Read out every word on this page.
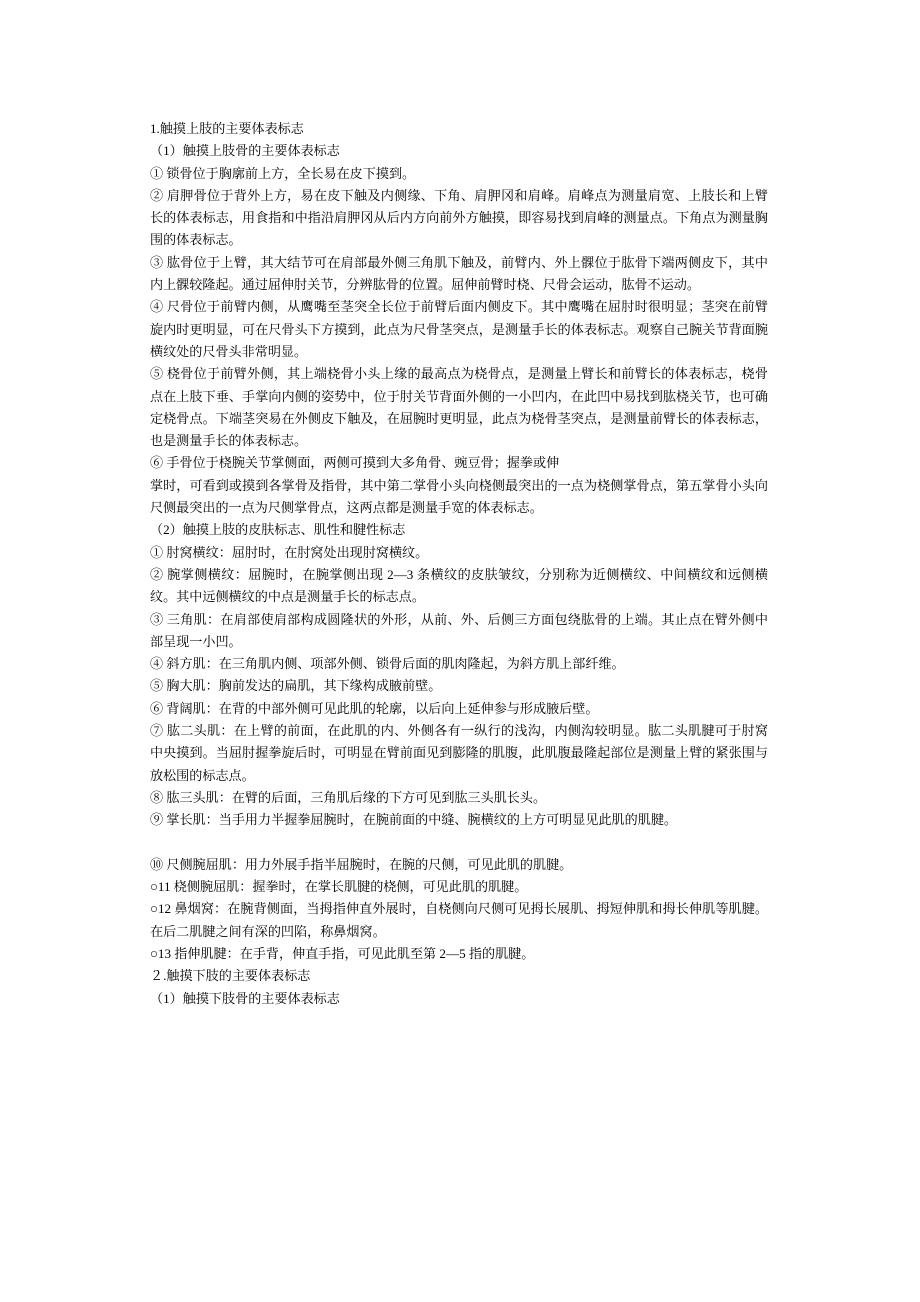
1.触摸上肢的主要体表标志

（1）触摸上肢骨的主要体表标志

① 锁骨位于胸廓前上方，全长易在皮下摸到。

② 肩胛骨位于背外上方，易在皮下触及内侧缘、下角、肩胛冈和肩峰。肩峰点为测量肩宽、上肢长和上臂长的体表标志，用食指和中指沿肩胛冈从后内方向前外方触摸，即容易找到肩峰的测量点。下角点为测量胸围的体表标志。

③ 肱骨位于上臂，其大结节可在肩部最外侧三角肌下触及，前臂内、外上髁位于肱骨下端两侧皮下，其中内上髁较隆起。通过屈伸肘关节，分辨肱骨的位置。屈伸前臂时桡、尺骨会运动，肱骨不运动。

④ 尺骨位于前臂内侧，从鹰嘴至茎突全长位于前臂后面内侧皮下。其中鹰嘴在屈肘时很明显；茎突在前臂旋内时更明显，可在尺骨头下方摸到，此点为尺骨茎突点，是测量手长的体表标志。观察自己腕关节背面腕横纹处的尺骨头非常明显。

⑤ 桡骨位于前臂外侧，其上端桡骨小头上缘的最高点为桡骨点，是测量上臂长和前臂长的体表标志，桡骨点在上肢下垂、手掌向内侧的姿势中，位于肘关节背面外侧的一小凹内，在此凹中易找到肱桡关节，也可确定桡骨点。下端茎突易在外侧皮下触及，在屈腕时更明显，此点为桡骨茎突点，是测量前臂长的体表标志，也是测量手长的体表标志。

⑥ 手骨位于桡腕关节掌侧面，两侧可摸到大多角骨、豌豆骨；握拳或伸

掌时，可看到或摸到各掌骨及指骨，其中第二掌骨小头向桡侧最突出的一点为桡侧掌骨点，第五掌骨小头向尺侧最突出的一点为尺侧掌骨点，这两点都是测量手宽的体表标志。

（2）触摸上肢的皮肤标志、肌性和腱性标志

① 肘窝横纹：屈肘时，在肘窝处出现肘窝横纹。

② 腕掌侧横纹：屈腕时，在腕掌侧出现 2—3 条横纹的皮肤皱纹，分别称为近侧横纹、中间横纹和远侧横纹。其中远侧横纹的中点是测量手长的标志点。

③ 三角肌：在肩部使肩部构成圆隆状的外形，从前、外、后侧三方面包绕肱骨的上端。其止点在臂外侧中部呈现一小凹。

④ 斜方肌：在三角肌内侧、项部外侧、锁骨后面的肌肉隆起，为斜方肌上部纤维。

⑤ 胸大肌：胸前发达的扁肌，其下缘构成腋前壁。

⑥ 背阔肌：在背的中部外侧可见此肌的轮廓，以后向上延伸参与形成腋后壁。

⑦ 肱二头肌：在上臂的前面，在此肌的内、外侧各有一纵行的浅沟，内侧沟较明显。肱二头肌腱可于肘窝中央摸到。当屈肘握拳旋后时，可明显在臂前面见到膨隆的肌腹，此肌腹最隆起部位是测量上臂的紧张围与放松围的标志点。

⑧ 肱三头肌：在臂的后面，三角肌后缘的下方可见到肱三头肌长头。

⑨ 掌长肌：当手用力半握拳屈腕时，在腕前面的中缝、腕横纹的上方可明显见此肌的肌腱。

⑩ 尺侧腕屈肌：用力外展手指半屈腕时，在腕的尺侧，可见此肌的肌腱。

○11 桡侧腕屈肌：握拳时，在掌长肌腱的桡侧，可见此肌的肌腱。

○12 鼻烟窝：在腕背侧面，当拇指伸直外展时，自桡侧向尺侧可见拇长展肌、拇短伸肌和拇长伸肌等肌腱。在后二肌腱之间有深的凹陷，称鼻烟窝。

○13 指伸肌腱：在手背，伸直手指，可见此肌至第 2—5 指的肌腱。

２.触摸下肢的主要体表标志

（1）触摸下肢骨的主要体表标志
